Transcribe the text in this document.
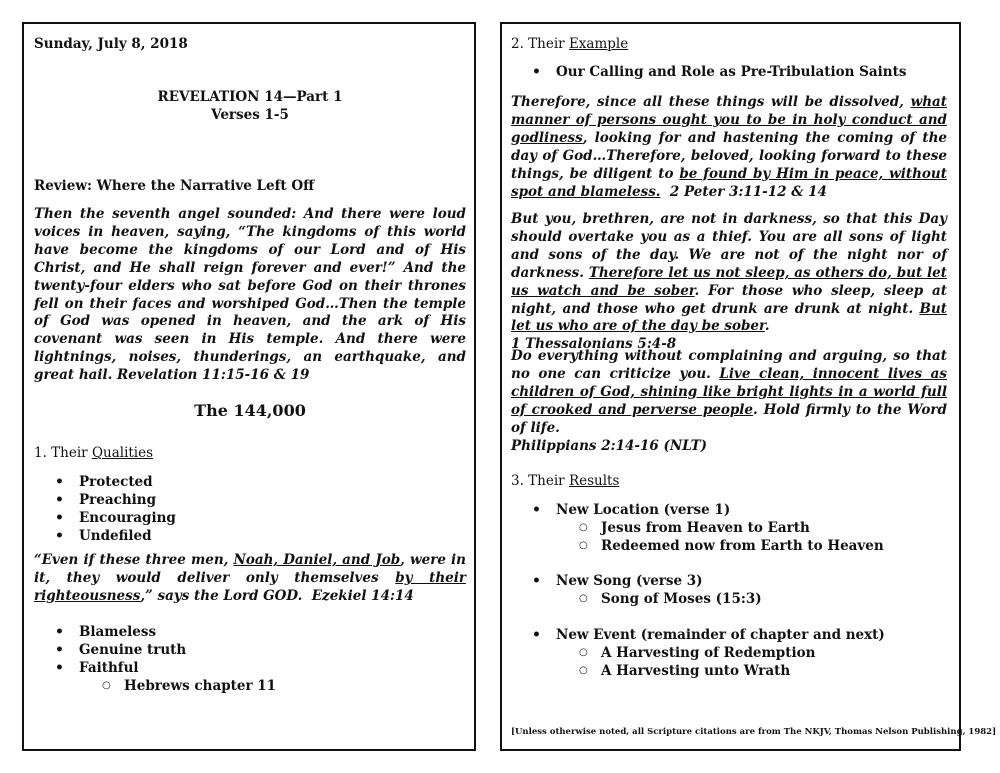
Sunday, July 8, 2018
REVELATION 14—Part 1
Verses 1-5
Review: Where the Narrative Left Off
Then the seventh angel sounded: And there were loud voices in heaven, saying, “The kingdoms of this world have become the kingdoms of our Lord and of His Christ, and He shall reign forever and ever!” And the twenty-four elders who sat before God on their thrones fell on their faces and worshiped God…Then the temple of God was opened in heaven, and the ark of His covenant was seen in His temple. And there were lightnings, noises, thunderings, an earthquake, and great hail. Revelation 11:15-16 & 19
The 144,000
1. Their Qualities
• Protected
• Preaching
• Encouraging
• Undefiled
“Even if these three men, Noah, Daniel, and Job, were in it, they would deliver only themselves by their righteousness,” says the Lord GOD. Ezekiel 14:14
• Blameless
• Genuine truth
• Faithful
○ Hebrews chapter 11
2. Their Example
• Our Calling and Role as Pre-Tribulation Saints
Therefore, since all these things will be dissolved, what manner of persons ought you to be in holy conduct and godliness, looking for and hastening the coming of the day of God…Therefore, beloved, looking forward to these things, be diligent to be found by Him in peace, without spot and blameless. 2 Peter 3:11-12 & 14
But you, brethren, are not in darkness, so that this Day should overtake you as a thief. You are all sons of light and sons of the day. We are not of the night nor of darkness. Therefore let us not sleep, as others do, but let us watch and be sober. For those who sleep, sleep at night, and those who get drunk are drunk at night. But let us who are of the day be sober.
1 Thessalonians 5:4-8
Do everything without complaining and arguing, so that no one can criticize you. Live clean, innocent lives as children of God, shining like bright lights in a world full of crooked and perverse people. Hold firmly to the Word of life.
Philippians 2:14-16 (NLT)
3. Their Results
• New Location (verse 1)
○ Jesus from Heaven to Earth
○ Redeemed now from Earth to Heaven
• New Song (verse 3)
○ Song of Moses (15:3)
• New Event (remainder of chapter and next)
○ A Harvesting of Redemption
○ A Harvesting unto Wrath
[Unless otherwise noted, all Scripture citations are from The NKJV, Thomas Nelson Publishing, 1982]
